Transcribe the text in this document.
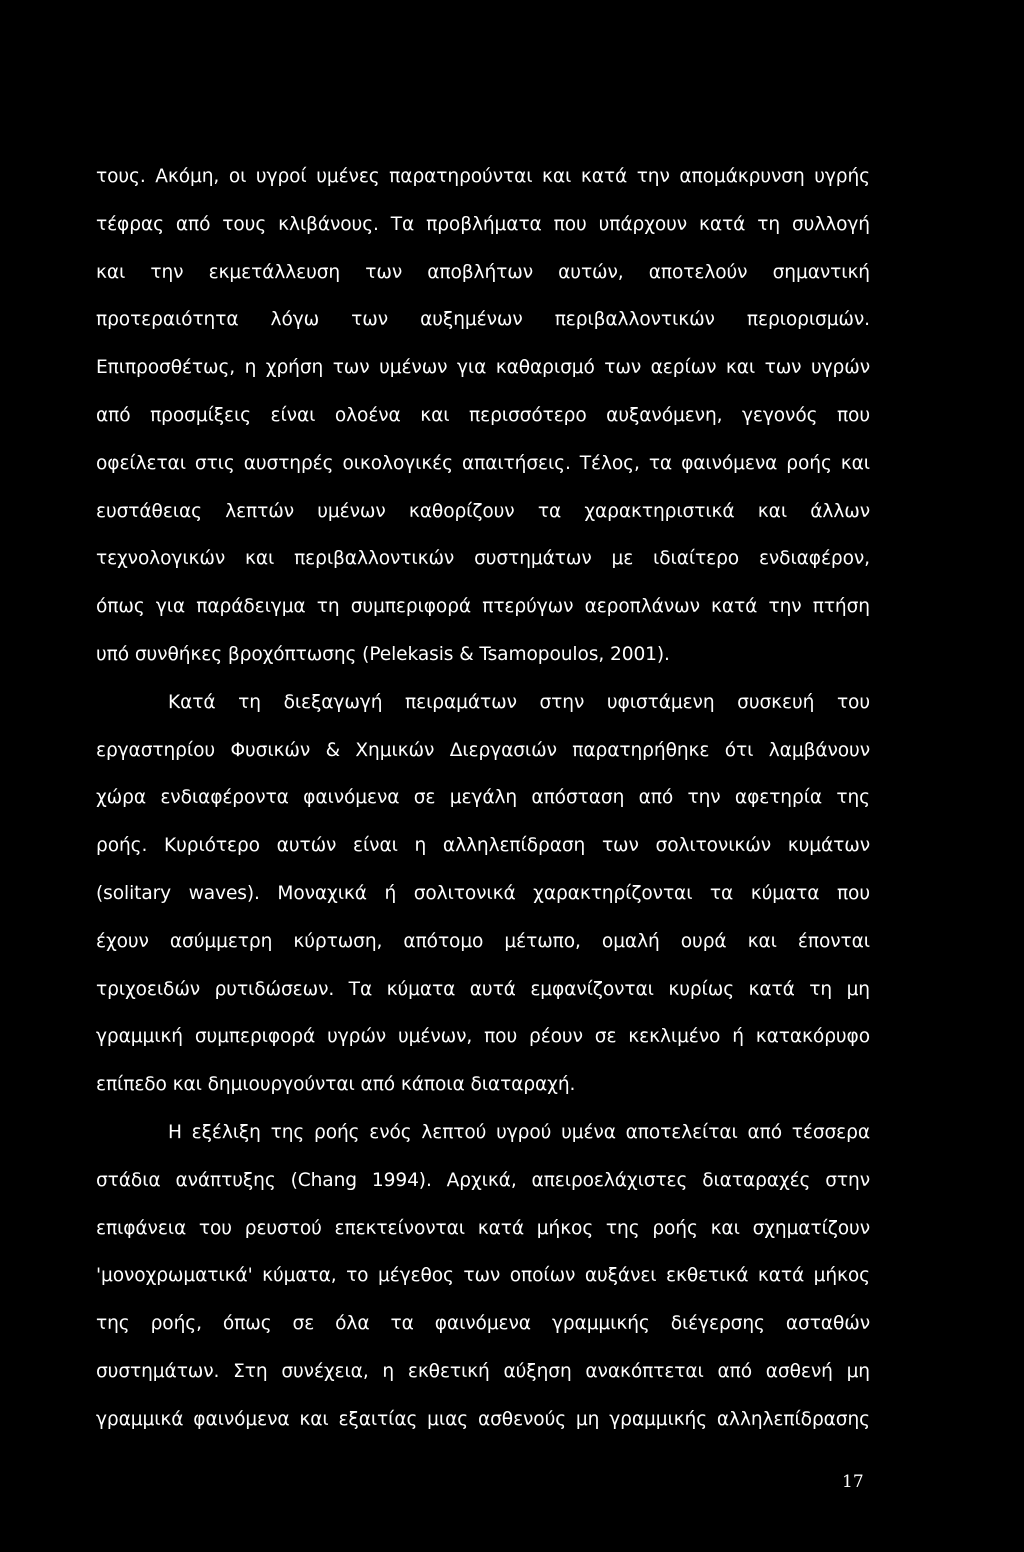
τους. Ακόμη, οι υγροί υμένες παρατηρούνται και κατά την απομάκρυνση υγρής
τέφρας από τους κλιβάνους. Τα προβλήματα που υπάρχουν κατά τη συλλογή
και την εκμετάλλευση των αποβλήτων αυτών, αποτελούν σημαντική
προτεραιότητα λόγω των αυξημένων περιβαλλοντικών περιορισμών.
Επιπροσθέτως, η χρήση των υμένων για καθαρισμό των αερίων και των υγρών
από προσμίξεις είναι ολοένα και περισσότερο αυξανόμενη, γεγονός που
οφείλεται στις αυστηρές οικολογικές απαιτήσεις. Τέλος, τα φαινόμενα ροής και
ευστάθειας λεπτών υμένων καθορίζουν τα χαρακτηριστικά και άλλων
τεχνολογικών και περιβαλλοντικών συστημάτων με ιδιαίτερο ενδιαφέρον,
όπως για παράδειγμα τη συμπεριφορά πτερύγων αεροπλάνων κατά την πτήση
υπό συνθήκες βροχόπτωσης (Pelekasis & Tsamopoulos, 2001).
Κατά τη διεξαγωγή πειραμάτων στην υφιστάμενη συσκευή του
εργαστηρίου Φυσικών & Χημικών Διεργασιών παρατηρήθηκε ότι λαμβάνουν
χώρα ενδιαφέροντα φαινόμενα σε μεγάλη απόσταση από την αφετηρία της
ροής. Κυριότερο αυτών είναι η αλληλεπίδραση των σολιτονικών κυμάτων
(solitary waves). Μοναχικά ή σολιτονικά χαρακτηρίζονται τα κύματα που
έχουν ασύμμετρη κύρτωση, απότομο μέτωπο, ομαλή ουρά και έπονται
τριχοειδών ρυτιδώσεων. Τα κύματα αυτά εμφανίζονται κυρίως κατά τη μη
γραμμική συμπεριφορά υγρών υμένων, που ρέουν σε κεκλιμένο ή κατακόρυφο
επίπεδο και δημιουργούνται από κάποια διαταραχή.
Η εξέλιξη της ροής ενός λεπτού υγρού υμένα αποτελείται από τέσσερα
στάδια ανάπτυξης (Chang 1994). Αρχικά, απειροελάχιστες διαταραχές στην
επιφάνεια του ρευστού επεκτείνονται κατά μήκος της ροής και σχηματίζουν
'μονοχρωματικά' κύματα, το μέγεθος των οποίων αυξάνει εκθετικά κατά μήκος
της ροής, όπως σε όλα τα φαινόμενα γραμμικής διέγερσης ασταθών
συστημάτων. Στη συνέχεια, η εκθετική αύξηση ανακόπτεται από ασθενή μη
γραμμικά φαινόμενα και εξαιτίας μιας ασθενούς μη γραμμικής αλληλεπίδρασης
17
